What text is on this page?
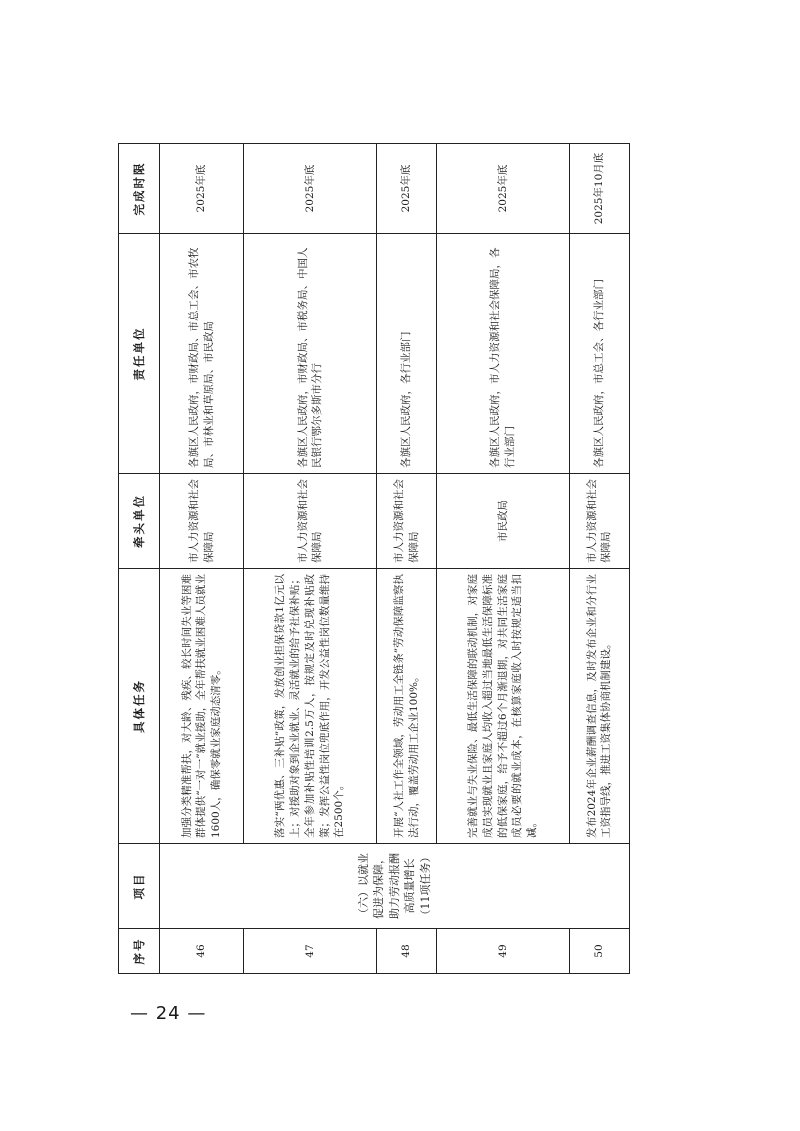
序号	项目	具体任务	牵头单位	责任单位	完成时限
46	（六）以就业促进为保障，助力劳动报酬高质量增长（11项任务）	加强分类精准帮扶，对大龄、残疾、较长时间失业等困难群体提供“一对一”就业援助，全年帮扶就业困难人员就业1600人，确保零就业家庭动态清零。	市人力资源和社会保障局	各旗区人民政府，市财政局、市总工会、市农牧局、市林业和草原局、市民政局	2025年底
47		落实“两优惠、三补贴”政策，发放创业担保贷款1亿元以上；对援助对象到企业就业、灵活就业的给予社保补贴；全年参加补贴性培训2.5万人，按规定及时兑现补贴政策；发挥公益性岗位兜底作用，开发公益性岗位数量维持在2500个。	市人力资源和社会保障局	各旗区人民政府，市财政局、市税务局、中国人民银行鄂尔多斯市分行	2025年底
48		开展“人社工作全领域，劳动用工全链条”劳动保障监察执法行动，覆盖劳动用工企业100%。	市人力资源和社会保障局	各旗区人民政府，各行业部门	2025年底
49		完善就业与失业保险、最低生活保障的联动机制，对家庭成员实现就业且家庭人均收入超过当地最低生活保障标准的低保家庭，给予不超过6个月渐退期，对共同生活家庭成员必要的就业成本，在核算家庭收入时按规定适当扣减。	市民政局	各旗区人民政府，市人力资源和社会保障局，各行业部门	2025年底
50		发布2024年企业薪酬调查信息，及时发布企业和分行业工资指导线，推进工资集体协商机制建设。	市人力资源和社会保障局	各旗区人民政府，市总工会、各行业部门	2025年10月底
— 24 —
